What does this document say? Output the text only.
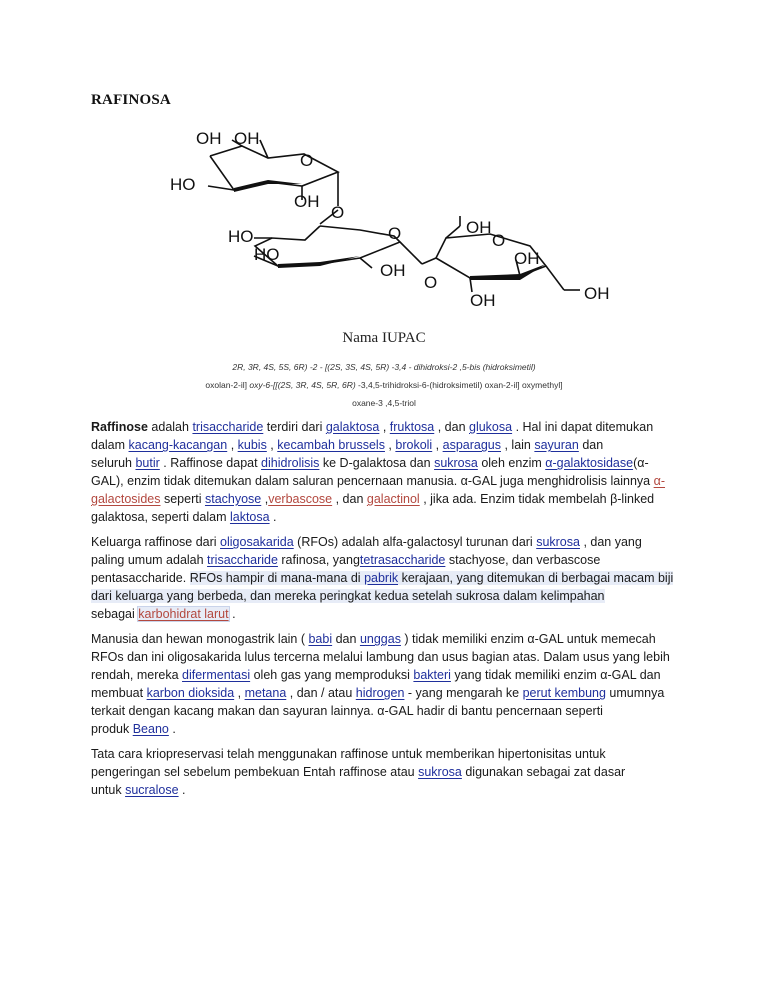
RAFINOSA
OH OH
HO
OH
O
O
HO
HO
OH
O
O
OH
O
OH
OH	OH
Nama IUPAC
2R, 3R, 4S, 5S, 6R) -2 - [(2S, 3S, 4S, 5R) -3,4 - dihidroksi-2 ,5-bis (hidroksimetil)
oxolan-2-il] oxy-6-[[(2S, 3R, 4S, 5R, 6R) -3,4,5-trihidroksi-6-(hidroksimetil) oxan-2-il] oxymethyl]
oxane-3 ,4,5-triol
Raffinose adalah trisaccharide terdiri dari galaktosa , fruktosa , dan glukosa . Hal ini dapat ditemukan
dalam kacang-kacangan , kubis , kecambah brussels , brokoli , asparagus , lain sayuran dan
seluruh butir . Raffinose dapat dihidrolisis ke D-galaktosa dan sukrosa oleh enzim α-galaktosidase(α-
GAL), enzim tidak ditemukan dalam saluran pencernaan manusia. α-GAL juga menghidrolisis lainnya α-
galactosides seperti stachyose ,verbascose , dan galactinol , jika ada. Enzim tidak membelah β-linked
galaktosa, seperti dalam laktosa .
Keluarga raffinose dari oligosakarida (RFOs) adalah alfa-galactosyl turunan dari sukrosa , dan yang
paling umum adalah trisaccharide rafinosa, yangtetrasaccharide stachyose, dan verbascose
pentasaccharide. RFOs hampir di mana-mana di pabrik kerajaan, yang ditemukan di berbagai macam biji
dari keluarga yang berbeda, dan mereka peringkat kedua setelah sukrosa dalam kelimpahan
sebagai karbohidrat larut .
Manusia dan hewan monogastrik lain ( babi dan unggas ) tidak memiliki enzim α-GAL untuk memecah
RFOs dan ini oligosakarida lulus tercerna melalui lambung dan usus bagian atas. Dalam usus yang lebih
rendah, mereka difermentasi oleh gas yang memproduksi bakteri yang tidak memiliki enzim α-GAL dan
membuat karbon dioksida , metana , dan / atau hidrogen - yang mengarah ke perut kembung umumnya
terkait dengan kacang makan dan sayuran lainnya. α-GAL hadir di bantu pencernaan seperti
produk Beano .
Tata cara kriopreservasi telah menggunakan raffinose untuk memberikan hipertonisitas untuk
pengeringan sel sebelum pembekuan Entah raffinose atau sukrosa digunakan sebagai zat dasar
untuk sucralose .
